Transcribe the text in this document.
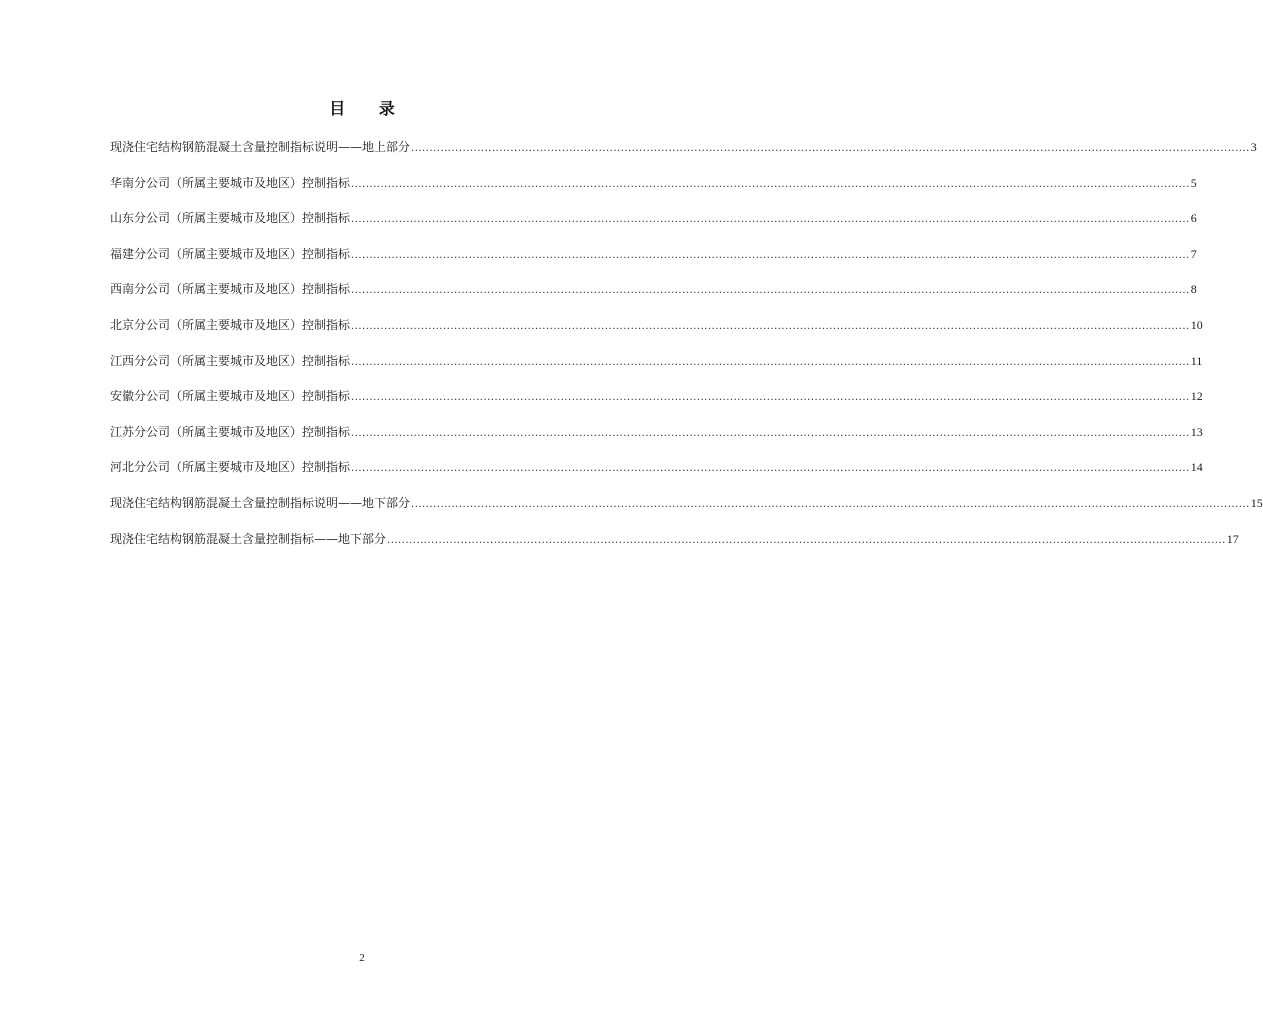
目 录
现浇住宅结构钢筋混凝土含量控制指标说明——地上部分 .................................................................................................................................................................................................................................... 3
华南分公司（所属主要城市及地区）控制指标 .................................................................................................................................................................................................................................... 5
山东分公司（所属主要城市及地区）控制指标 .................................................................................................................................................................................................................................... 6
福建分公司（所属主要城市及地区）控制指标 .................................................................................................................................................................................................................................... 7
西南分公司（所属主要城市及地区）控制指标 .................................................................................................................................................................................................................................... 8
北京分公司（所属主要城市及地区）控制指标 .................................................................................................................................................................................................................................... 10
江西分公司（所属主要城市及地区）控制指标 .................................................................................................................................................................................................................................... 11
安徽分公司（所属主要城市及地区）控制指标 .................................................................................................................................................................................................................................... 12
江苏分公司（所属主要城市及地区）控制指标 .................................................................................................................................................................................................................................... 13
河北分公司（所属主要城市及地区）控制指标 .................................................................................................................................................................................................................................... 14
现浇住宅结构钢筋混凝土含量控制指标说明——地下部分 .................................................................................................................................................................................................................................... 15
现浇住宅结构钢筋混凝土含量控制指标——地下部分 .................................................................................................................................................................................................................................... 17
2
